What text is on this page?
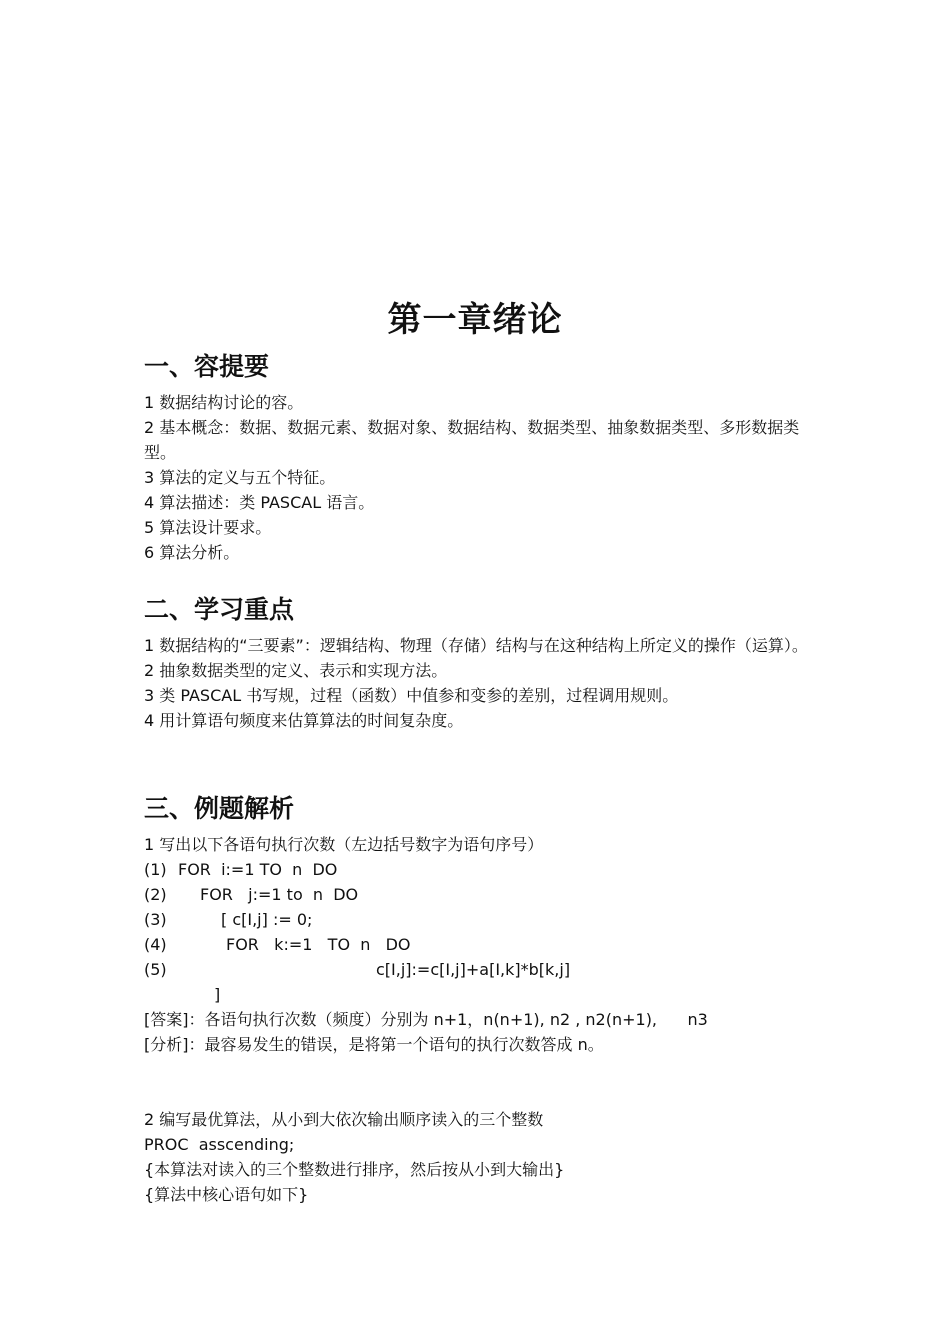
第一章绪论
一、容提要
1 数据结构讨论的容。
2 基本概念：数据、数据元素、数据对象、数据结构、数据类型、抽象数据类型、多形数据类型。
3 算法的定义与五个特征。
4 算法描述：类 PASCAL 语言。
5 算法设计要求。
6 算法分析。
二、学习重点
1 数据结构的“三要素”：逻辑结构、物理（存储）结构与在这种结构上所定义的操作（运算）。
2 抽象数据类型的定义、表示和实现方法。
3 类 PASCAL 书写规，过程（函数）中值参和变参的差别，过程调用规则。
4 用计算语句频度来估算算法的时间复杂度。
三、例题解析
1 写出以下各语句执行次数（左边括号数字为语句序号）

(1)

FOR  i:=1 TO  n  DO

(2)

FOR   j:=1 to  n  DO

(3)

	[ c[I,j] := 0;

(4)

	FOR   k:=1   TO  n   DO

(5)

	c[I,j]:=c[I,j]+a[I,k]*b[k,j]

]

[答案]：各语句执行次数（频度）分别为 n+1，n(n+1), n2 , n2(n+1),      n3
[分析]：最容易发生的错误，是将第一个语句的执行次数答成 n。
2 编写最优算法，从小到大依次输出顺序读入的三个整数
PROC  asscending;
{本算法对读入的三个整数进行排序，然后按从小到大输出}
{算法中核心语句如下}
